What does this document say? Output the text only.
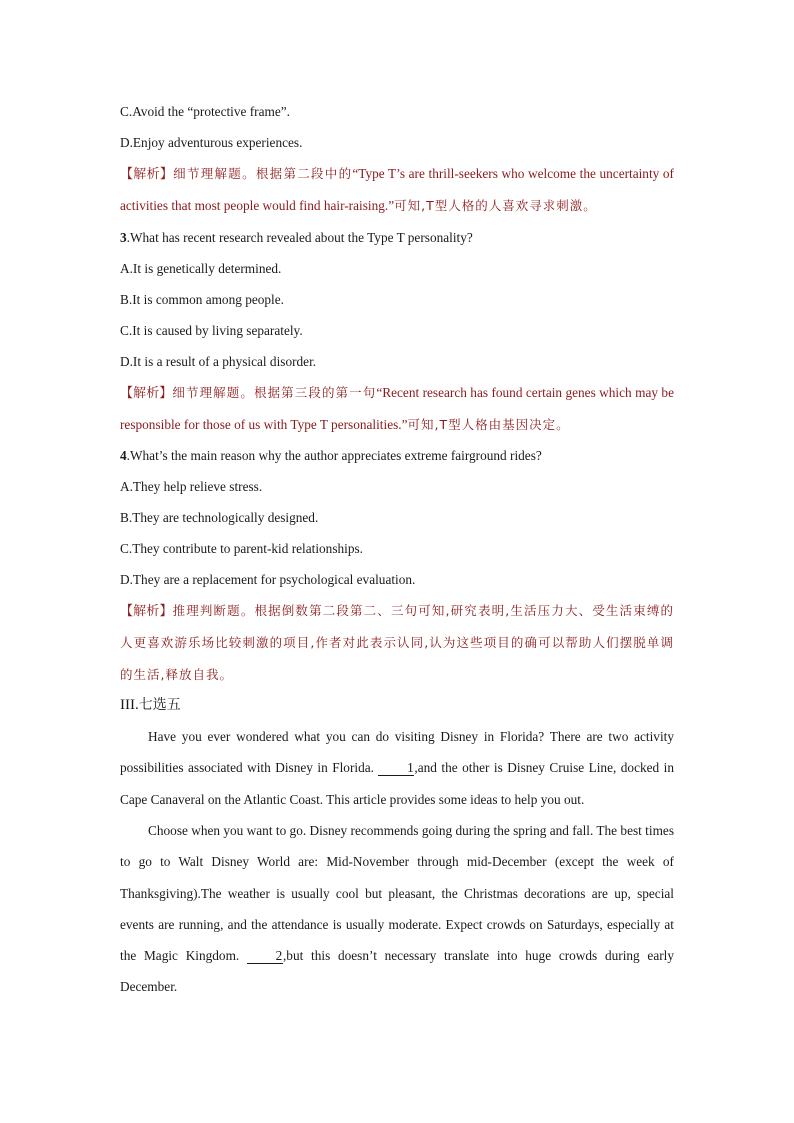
C.Avoid the “protective frame”.

D.Enjoy adventurous experiences.

【解析】细节理解题。根据第二段中的“Type T’s are thrill-seekers who welcome the uncertainty of activities that most people would find hair-raising.”可知,T型人格的人喜欢寻求刺激。

3.What has recent research revealed about the Type T personality?

A.It is genetically determined.

B.It is common among people.

C.It is caused by living separately.

D.It is a result of a physical disorder.

【解析】细节理解题。根据第三段的第一句“Recent research has found certain genes which may be responsible for those of us with Type T personalities.”可知,T型人格由基因决定。

4.What’s the main reason why the author appreciates extreme fairground rides?

A.They help relieve stress.

B.They are technologically designed.

C.They contribute to parent-kid relationships.

D.They are a replacement for psychological evaluation.

【解析】推理判断题。根据倒数第二段第二、三句可知,研究表明,生活压力大、受生活束缚的人更喜欢游乐场比较刺激的项目,作者对此表示认同,认为这些项目的确可以帮助人们摆脱单调的生活,释放自我。

III.七选五

Have you ever wondered what you can do visiting Disney in Florida? There are two activity possibilities associated with Disney in Florida. 1,and the other is Disney Cruise Line, docked in Cape Canaveral on the Atlantic Coast. This article provides some ideas to help you out.

Choose when you want to go. Disney recommends going during the spring and fall. The best times to go to Walt Disney World are: Mid-November through mid-December (except the week of Thanksgiving).The weather is usually cool but pleasant, the Christmas decorations are up, special events are running, and the attendance is usually moderate. Expect crowds on Saturdays, especially at the Magic Kingdom. 2,but this doesn’t necessary translate into huge crowds during early December.
